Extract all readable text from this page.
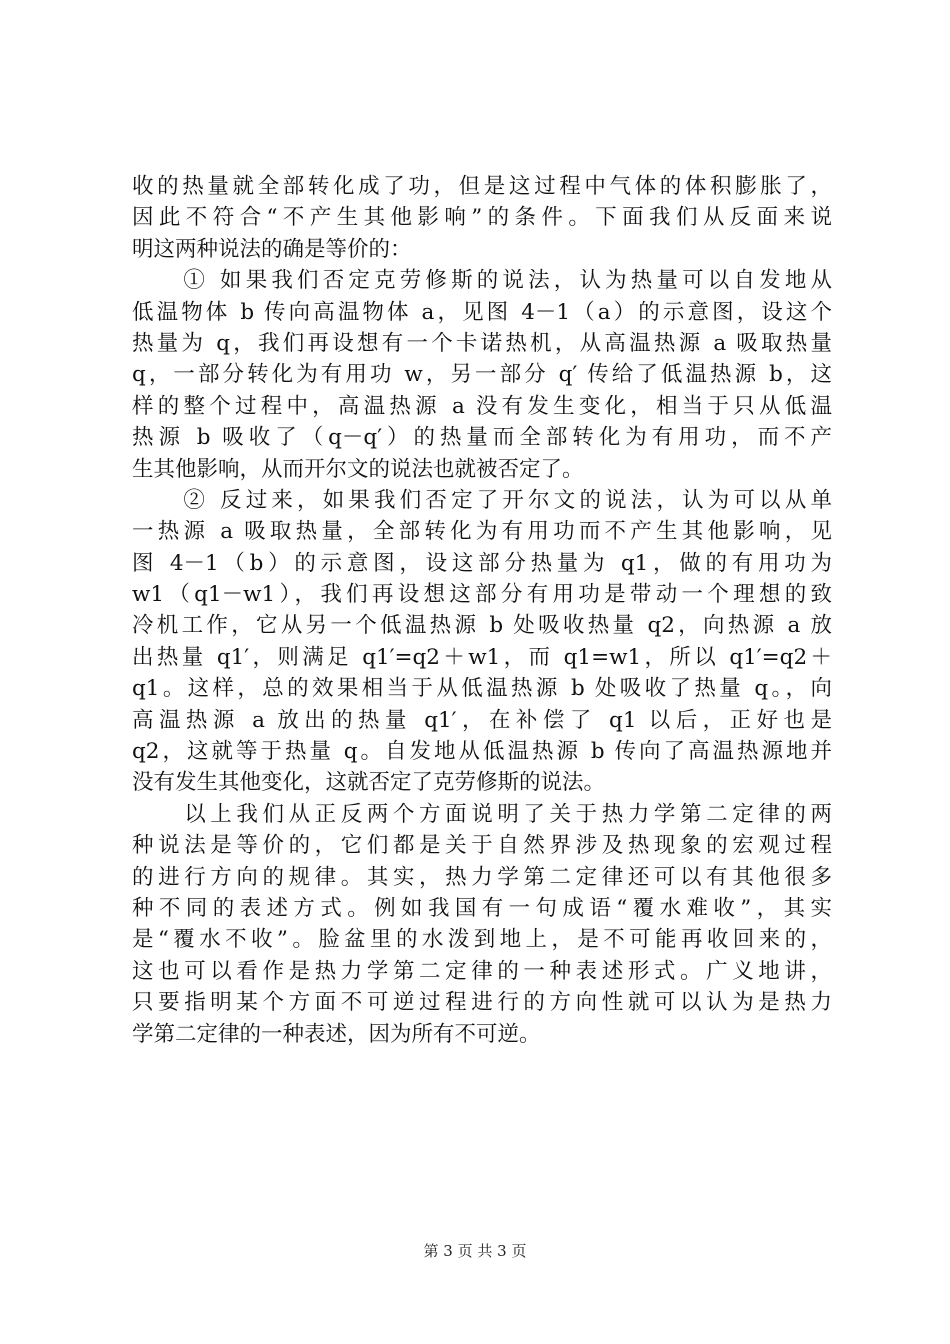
收的热量就全部转化成了功，但是这过程中气体的体积膨胀了，
因此不符合“不产生其他影响”的条件。下面我们从反面来说
明这两种说法的确是等价的：
　　① 如果我们否定克劳修斯的说法，认为热量可以自发地从
低温物体 b 传向高温物体 a，见图 4－1（a）的示意图，设这个
热量为 q，我们再设想有一个卡诺热机，从高温热源 a 吸取热量
q，一部分转化为有用功 w，另一部分 q′ 传给了低温热源 b，这
样的整个过程中，高温热源 a 没有发生变化，相当于只从低温
热源 b 吸收了（q－q′）的热量而全部转化为有用功，而不产
生其他影响，从而开尔文的说法也就被否定了。
　　② 反过来，如果我们否定了开尔文的说法，认为可以从单
一热源 a 吸取热量，全部转化为有用功而不产生其他影响，见
图 4－1（b）的示意图，设这部分热量为 q1，做的有用功为
w1（q1－w1），我们再设想这部分有用功是带动一个理想的致
冷机工作，它从另一个低温热源 b 处吸收热量 q2，向热源 a 放
出热量 q1′，则满足 q1′=q2＋w1，而 q1=w1，所以 q1′=q2＋
q1。这样，总的效果相当于从低温热源 b 处吸收了热量 q。，向
高温热源 a 放出的热量 q1′，在补偿了 q1 以后，正好也是
q2，这就等于热量 q。自发地从低温热源 b 传向了高温热源地并
没有发生其他变化，这就否定了克劳修斯的说法。
　　以上我们从正反两个方面说明了关于热力学第二定律的两
种说法是等价的，它们都是关于自然界涉及热现象的宏观过程
的进行方向的规律。其实，热力学第二定律还可以有其他很多
种不同的表述方式。例如我国有一句成语“覆水难收”，其实
是“覆水不收”。脸盆里的水泼到地上，是不可能再收回来的，
这也可以看作是热力学第二定律的一种表述形式。广义地讲，
只要指明某个方面不可逆过程进行的方向性就可以认为是热力
学第二定律的一种表述，因为所有不可逆。
第 3 页 共 3 页
